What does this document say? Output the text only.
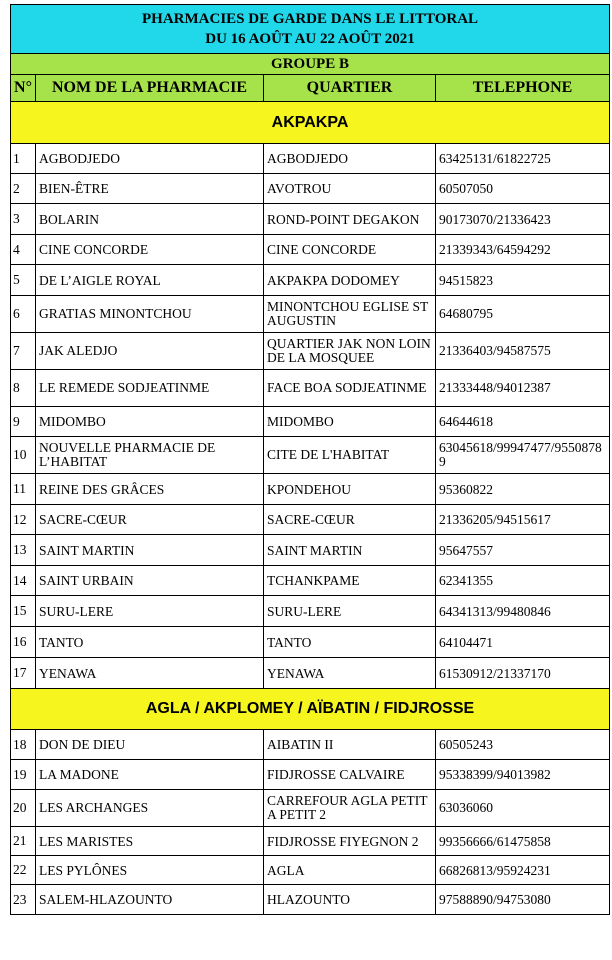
PHARMACIES DE GARDE DANS LE LITTORAL
DU 16 AOÛT AU 22 AOÛT 2021			

GROUPE B			
N°	NOM DE LA PHARMACIE	QUARTIER	TELEPHONE
AKPAKPA			
1	AGBODJEDO	AGBODJEDO	63425131/61822725
2	BIEN-ÊTRE	AVOTROU	60507050
3	BOLARIN	ROND-POINT DEGAKON	90173070/21336423
4	CINE CONCORDE	CINE CONCORDE	21339343/64594292
5	DE L’AIGLE ROYAL	AKPAKPA DODOMEY	94515823
6	GRATIAS MINONTCHOU	MINONTCHOU EGLISE ST AUGUSTIN	64680795
7	JAK ALEDJO	QUARTIER JAK NON LOIN DE LA MOSQUEE	21336403/94587575
8	LE REMEDE SODJEATINME	FACE BOA SODJEATINME	21333448/94012387
9	MIDOMBO	MIDOMBO	64644618
10	NOUVELLE PHARMACIE DE L’HABITAT	CITE DE L'HABITAT	63045618/99947477/95508789
11	REINE DES GRÂCES	KPONDEHOU	95360822
12	SACRE-CŒUR	SACRE-CŒUR	21336205/94515617
13	SAINT MARTIN	SAINT MARTIN	95647557
14	SAINT URBAIN	TCHANKPAME	62341355
15	SURU-LERE	SURU-LERE	64341313/99480846
16	TANTO	TANTO	64104471
17	YENAWA	YENAWA	61530912/21337170
AGLA / AKPLOMEY / AÏBATIN / FIDJROSSE			
18	DON DE DIEU	AIBATIN II	60505243
19	LA MADONE	FIDJROSSE CALVAIRE	95338399/94013982
20	LES ARCHANGES	CARREFOUR AGLA PETIT A PETIT 2	63036060
21	LES MARISTES	FIDJROSSE FIYEGNON 2	99356666/61475858
22	LES PYLÔNES	AGLA	66826813/95924231
23	SALEM-HLAZOUNTO	HLAZOUNTO	97588890/94753080
